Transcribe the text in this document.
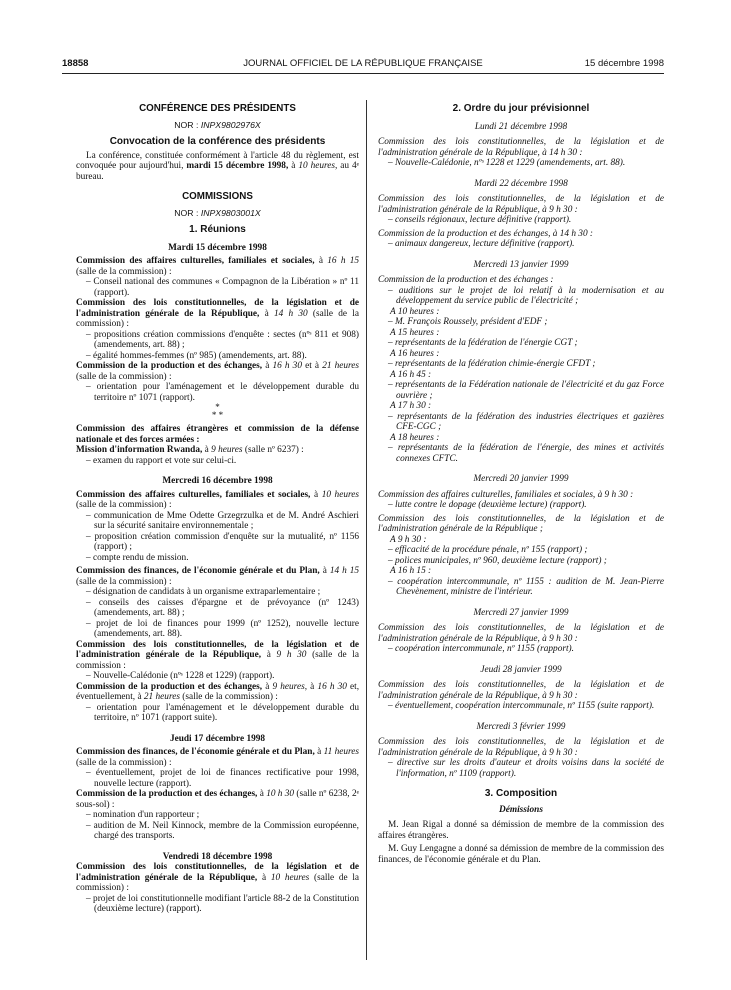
18858	JOURNAL OFFICIEL DE LA RÉPUBLIQUE FRANÇAISE	15 décembre 1998

CONFÉRENCE DES PRÉSIDENTS

NOR : INPX9802976X

Convocation de la conférence des présidents

La conférence, constituée conformément à l'article 48 du règlement, est convoquée pour aujourd'hui, mardi 15 décembre 1998, à 10 heures, au 4ᵉ bureau.

COMMISSIONS

NOR : INPX9803001X

1. Réunions

Mardi 15 décembre 1998

Commission des affaires culturelles, familiales et sociales, à 16 h 15 (salle de la commission) :

– Conseil national des communes « Compagnon de la Libération » nº 11 (rapport).

Commission des lois constitutionnelles, de la législation et de l'administration générale de la République, à 14 h 30 (salle de la commission) :

– propositions création commissions d'enquête : sectes (nºˢ 811 et 908) (amendements, art. 88) ;
– égalité hommes-femmes (nº 985) (amendements, art. 88).

Commission de la production et des échanges, à 16 h 30 et à 21 heures (salle de la commission) :

– orientation pour l'aménagement et le développement durable du territoire nº 1071 (rapport).
*
* *

Commission des affaires étrangères et commission de la défense nationale et des forces armées :

Mission d'information Rwanda, à 9 heures (salle nº 6237) :

– examen du rapport et vote sur celui-ci.

Mercredi 16 décembre 1998

Commission des affaires culturelles, familiales et sociales, à 10 heures (salle de la commission) :

– communication de Mme Odette Grzegrzulka et de M. André Aschieri sur la sécurité sanitaire environnementale ;
– proposition création commission d'enquête sur la mutualité, nº 1156 (rapport) ;
– compte rendu de mission.

Commission des finances, de l'économie générale et du Plan, à 14 h 15 (salle de la commission) :

– désignation de candidats à un organisme extraparlementaire ;
– conseils des caisses d'épargne et de prévoyance (nº 1243) (amendements, art. 88) ;
– projet de loi de finances pour 1999 (nº 1252), nouvelle lecture (amendements, art. 88).

Commission des lois constitutionnelles, de la législation et de l'administration générale de la République, à 9 h 30 (salle de la commission :

– Nouvelle-Calédonie (nºˢ 1228 et 1229) (rapport).

Commission de la production et des échanges, à 9 heures, à 16 h 30 et, éventuellement, à 21 heures (salle de la commission) :

– orientation pour l'aménagement et le développement durable du territoire, nº 1071 (rapport suite).

Jeudi 17 décembre 1998

Commission des finances, de l'économie générale et du Plan, à 11 heures (salle de la commission) :

– éventuellement, projet de loi de finances rectificative pour 1998, nouvelle lecture (rapport).

Commission de la production et des échanges, à 10 h 30 (salle nº 6238, 2ᵉ sous-sol) :

– nomination d'un rapporteur ;
– audition de M. Neil Kinnock, membre de la Commission européenne, chargé des transports.

Vendredi 18 décembre 1998

Commission des lois constitutionnelles, de la législation et de l'administration générale de la République, à 10 heures (salle de la commission) :

– projet de loi constitutionnelle modifiant l'article 88-2 de la Constitution (deuxième lecture) (rapport).

2. Ordre du jour prévisionnel

Lundi 21 décembre 1998

Commission des lois constitutionnelles, de la législation et de l'administration générale de la République, à 14 h 30 :

– Nouvelle-Calédonie, nºˢ 1228 et 1229 (amendements, art. 88).

Mardi 22 décembre 1998

Commission des lois constitutionnelles, de la législation et de l'administration générale de la République, à 9 h 30 :

– conseils régionaux, lecture définitive (rapport).

Commission de la production et des échanges, à 14 h 30 :

– animaux dangereux, lecture définitive (rapport).

Mercredi 13 janvier 1999

Commission de la production et des échanges :

– auditions sur le projet de loi relatif à la modernisation et au développement du service public de l'électricité ;

A 10 heures :

– M. François Roussely, président d'EDF ;

A 15 heures :

– représentants de la fédération de l'énergie CGT ;

A 16 heures :

– représentants de la fédération chimie-énergie CFDT ;

A 16 h 45 :

– représentants de la Fédération nationale de l'électricité et du gaz Force ouvrière ;

A 17 h 30 :

– représentants de la fédération des industries électriques et gazières CFE-CGC ;

A 18 heures :

– représentants de la fédération de l'énergie, des mines et activités connexes CFTC.

Mercredi 20 janvier 1999

Commission des affaires culturelles, familiales et sociales, à 9 h 30 :

– lutte contre le dopage (deuxième lecture) (rapport).

Commission des lois constitutionnelles, de la législation et de l'administration générale de la République ;

A 9 h 30 :

– efficacité de la procédure pénale, nº 155 (rapport) ;
– polices municipales, nº 960, deuxième lecture (rapport) ;

A 16 h 15 :

– coopération intercommunale, nº 1155 : audition de M. Jean-Pierre Chevènement, ministre de l'intérieur.

Mercredi 27 janvier 1999

Commission des lois constitutionnelles, de la législation et de l'administration générale de la République, à 9 h 30 :

– coopération intercommunale, nº 1155 (rapport).

Jeudi 28 janvier 1999

Commission des lois constitutionnelles, de la législation et de l'administration générale de la République, à 9 h 30 :

– éventuellement, coopération intercommunale, nº 1155 (suite rapport).

Mercredi 3 février 1999

Commission des lois constitutionnelles, de la législation et de l'administration générale de la République, à 9 h 30 :

– directive sur les droits d'auteur et droits voisins dans la société de l'information, nº 1109 (rapport).

3. Composition

Démissions

M. Jean Rigal a donné sa démission de membre de la commission des affaires étrangères.

M. Guy Lengagne a donné sa démission de membre de la commission des finances, de l'économie générale et du Plan.
